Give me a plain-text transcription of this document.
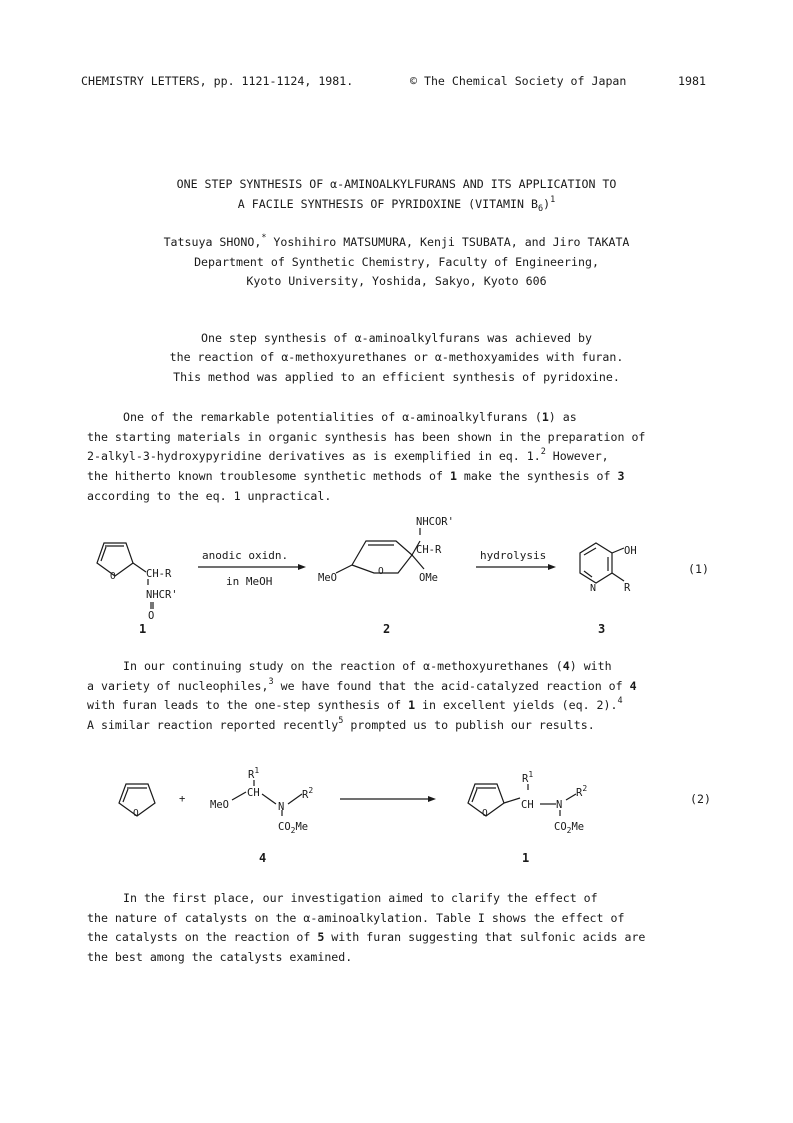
CHEMISTRY LETTERS, pp. 1121-1124, 1981.	© The Chemical Society of Japan	1981
ONE STEP SYNTHESIS OF α-AMINOALKYLFURANS AND ITS APPLICATION TO
A FACILE SYNTHESIS OF PYRIDOXINE (VITAMIN $B_6)^1$
Tatsuya SHONO,* Yoshihiro MATSUMURA, Kenji TSUBATA, and Jiro TAKATA
Department of Synthetic Chemistry, Faculty of Engineering,
Kyoto University, Yoshida, Sakyo, Kyoto 606
One step synthesis of α-aminoalkylfurans was achieved by
the reaction of α-methoxyurethanes or α-methoxyamides with furan.
This method was applied to an efficient synthesis of pyridoxine.

One of the remarkable potentialities of α-aminoalkylfurans (1) as

the starting materials in organic synthesis has been shown in the preparation of

2-alkyl-3-hydroxypyridine derivatives as is exemplified in eq. 1.$^2$ However,

the hitherto known troublesome synthetic methods of 1 make the synthesis of 3

according to the eq. 1 unpractical.

O	CH-R
NHCR'
O
1
anodic oxidn.
in MeOH
NHCOR'
CH-R
MeO	OMe
O
2
hydrolysis	OH
N	R
3
(1)

In our continuing study on the reaction of α-methoxyurethanes (4) with

a variety of nucleophiles,$^3$ we have found that the acid-catalyzed reaction of 4

with furan leads to the one-step synthesis of 1 in excellent yields (eq. 2).$^4$

A similar reaction reported recently$^5$ prompted us to publish our results.

O
+
$R^1$
CH
MeO	N
$R^2$
$CO_2Me$
4
O
$R^1$
CH N
$R^2$
$CO_2Me$
1
(2)

In the first place, our investigation aimed to clarify the effect of

the nature of catalysts on the α-aminoalkylation. Table I shows the effect of

the catalysts on the reaction of 5 with furan suggesting that sulfonic acids are

the best among the catalysts examined.
